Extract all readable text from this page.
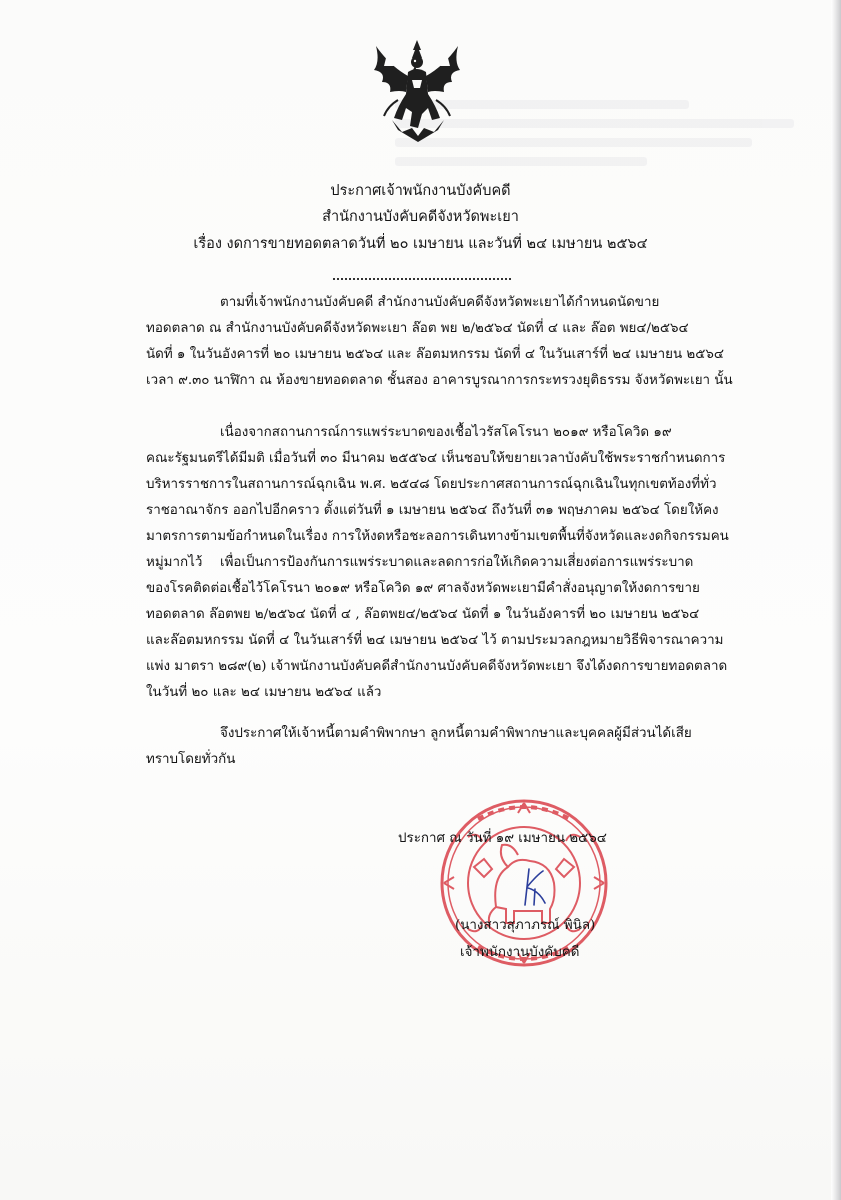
ประกาศเจ้าพนักงานบังคับคดี
สำนักงานบังคับคดีจังหวัดพะเยา
เรื่อง งดการขายทอดตลาดวันที่ ๒๐ เมษายน และวันที่ ๒๔ เมษายน ๒๕๖๔
ตามที่เจ้าพนักงานบังคับคดี สำนักงานบังคับคดีจังหวัดพะเยาได้กำหนดนัดขาย
ทอดตลาด ณ สำนักงานบังคับคดีจังหวัดพะเยา ล๊อต พย ๒/๒๕๖๔ นัดที่ ๔ และ ล๊อต พย๔/๒๕๖๔
นัดที่ ๑ ในวันอังคารที่ ๒๐ เมษายน ๒๕๖๔ และ ล๊อตมหกรรม นัดที่ ๔ ในวันเสาร์ที่ ๒๔ เมษายน ๒๕๖๔
เวลา ๙.๓๐ นาฬิกา ณ ห้องขายทอดตลาด ชั้นสอง อาคารบูรณาการกระทรวงยุติธรรม จังหวัดพะเยา นั้น
เนื่องจากสถานการณ์การแพร่ระบาดของเชื้อไวรัสโคโรนา ๒๐๑๙ หรือโควิด ๑๙
คณะรัฐมนตรีได้มีมติ เมื่อวันที่ ๓๐ มีนาคม ๒๕๕๖๔ เห็นชอบให้ขยายเวลาบังคับใช้พระราชกำหนดการ
บริหารราชการในสถานการณ์ฉุกเฉิน พ.ศ. ๒๕๔๘ โดยประกาศสถานการณ์ฉุกเฉินในทุกเขตท้องที่ทั่ว
ราชอาณาจักร ออกไปอีกคราว ตั้งแต่วันที่ ๑ เมษายน ๒๕๖๔ ถึงวันที่ ๓๑ พฤษภาคม ๒๕๖๔ โดยให้คง
มาตรการตามข้อกำหนดในเรื่อง การให้งดหรือชะลอการเดินทางข้ามเขตพื้นที่จังหวัดและงดกิจกรรมคน
หมู่มากไว้	เพื่อเป็นการป้องกันการแพร่ระบาดและลดการก่อให้เกิดความเสี่ยงต่อการแพร่ระบาด
ของโรคติดต่อเชื้อไว้โคโรนา ๒๐๑๙ หรือโควิด ๑๙ ศาลจังหวัดพะเยามีคำสั่งอนุญาตให้งดการขาย
ทอดตลาด ล๊อตพย ๒/๒๕๖๔ นัดที่ ๔ , ล๊อตพย๔/๒๕๖๔ นัดที่ ๑ ในวันอังคารที่ ๒๐ เมษายน ๒๕๖๔
และล๊อตมหกรรม นัดที่ ๔ ในวันเสาร์ที่ ๒๔ เมษายน ๒๕๖๔ ไว้ ตามประมวลกฎหมายวิธีพิจารณาความ
แพ่ง มาตรา ๒๘๙(๒) เจ้าพนักงานบังคับคดีสำนักงานบังคับคดีจังหวัดพะเยา จึงได้งดการขายทอดตลาด
ในวันที่ ๒๐ และ ๒๔ เมษายน ๒๕๖๔ แล้ว
จึงประกาศให้เจ้าหนี้ตามคำพิพากษา ลูกหนี้ตามคำพิพากษาและบุคคลผู้มีส่วนได้เสีย
ทราบโดยทั่วกัน
ประกาศ ณ วันที่ ๑๙ เมษายน ๒๕๖๔
(นางสาวสุภาภรณ์ พินิล)
เจ้าพนักงานบังคับคดี
